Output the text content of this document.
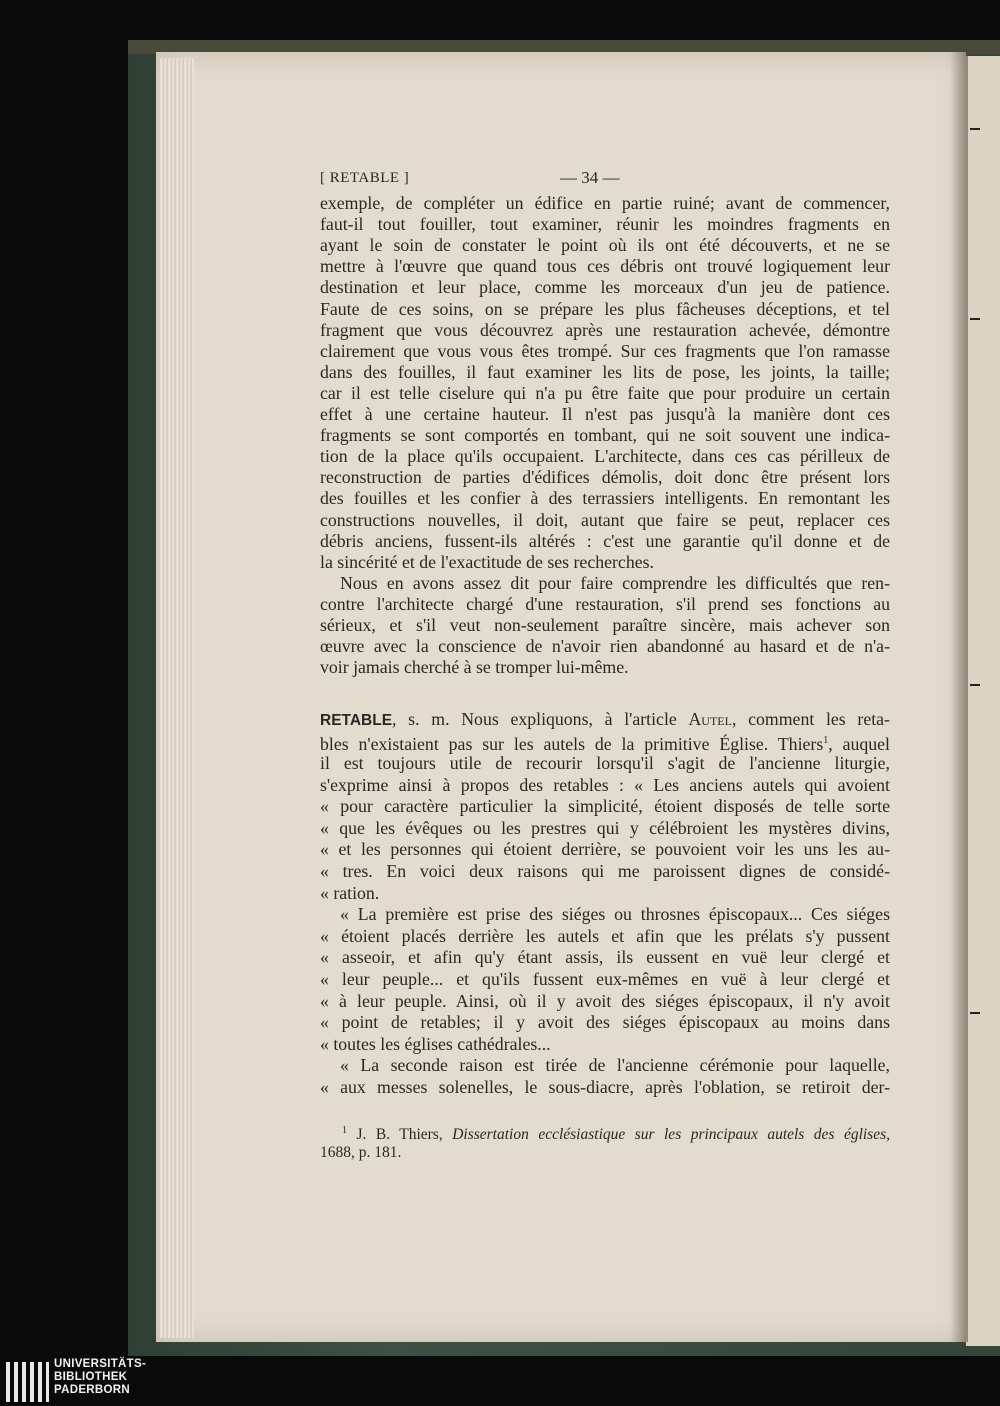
[ RETABLE ]	— 34 —
exemple, de compléter un édifice en partie ruiné; avant de commencer,
faut-il tout fouiller, tout examiner, réunir les moindres fragments en
ayant le soin de constater le point où ils ont été découverts, et ne se
mettre à l'œuvre que quand tous ces débris ont trouvé logiquement leur
destination et leur place, comme les morceaux d'un jeu de patience.
Faute de ces soins, on se prépare les plus fâcheuses déceptions, et tel
fragment que vous découvrez après une restauration achevée, démontre
clairement que vous vous êtes trompé. Sur ces fragments que l'on ramasse
dans des fouilles, il faut examiner les lits de pose, les joints, la taille;
car il est telle ciselure qui n'a pu être faite que pour produire un certain
effet à une certaine hauteur. Il n'est pas jusqu'à la manière dont ces
fragments se sont comportés en tombant, qui ne soit souvent une indica-
tion de la place qu'ils occupaient. L'architecte, dans ces cas périlleux de
reconstruction de parties d'édifices démolis, doit donc être présent lors
des fouilles et les confier à des terrassiers intelligents. En remontant les
constructions nouvelles, il doit, autant que faire se peut, replacer ces
débris anciens, fussent-ils altérés : c'est une garantie qu'il donne et de
la sincérité et de l'exactitude de ses recherches.
Nous en avons assez dit pour faire comprendre les difficultés que ren-
contre l'architecte chargé d'une restauration, s'il prend ses fonctions au
sérieux, et s'il veut non-seulement paraître sincère, mais achever son
œuvre avec la conscience de n'avoir rien abandonné au hasard et de n'a-
voir jamais cherché à se tromper lui-même.
RETABLE, s. m. Nous expliquons, à l'article Autel, comment les reta-
bles n'existaient pas sur les autels de la primitive Église. Thiers$^1$, auquel
il est toujours utile de recourir lorsqu'il s'agit de l'ancienne liturgie,
s'exprime ainsi à propos des retables : « Les anciens autels qui avoient
« pour caractère particulier la simplicité, étoient disposés de telle sorte
« que les évêques ou les prestres qui y célébroient les mystères divins,
« et les personnes qui étoient derrière, se pouvoient voir les uns les au-
« tres. En voici deux raisons qui me paroissent dignes de considé-
« ration.
« La première est prise des siéges ou throsnes épiscopaux... Ces siéges
« étoient placés derrière les autels et afin que les prélats s'y pussent
« asseoir, et afin qu'y étant assis, ils eussent en vuë leur clergé et
« leur peuple... et qu'ils fussent eux-mêmes en vuë à leur clergé et
« à leur peuple. Ainsi, où il y avoit des siéges épiscopaux, il n'y avoit
« point de retables; il y avoit des siéges épiscopaux au moins dans
« toutes les églises cathédrales...
« La seconde raison est tirée de l'ancienne cérémonie pour laquelle,
« aux messes solenelles, le sous-diacre, après l'oblation, se retiroit der-
$^1$ J. B. Thiers, Dissertation ecclésiastique sur les principaux autels des églises,
1688, p. 181.
UNIVERSITÄTS-
BIBLIOTHEK
PADERBORN
